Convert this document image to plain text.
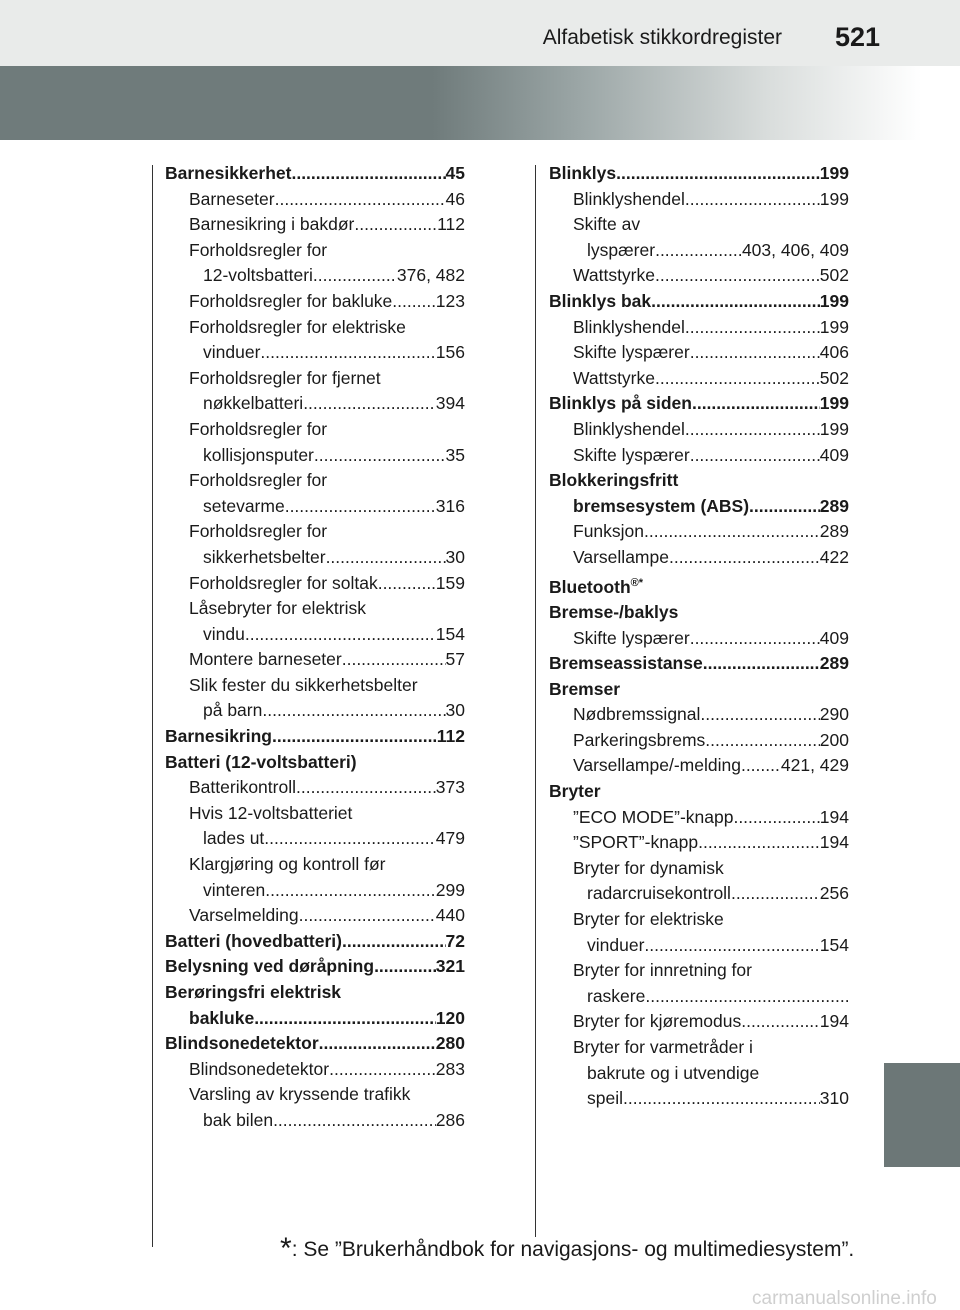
Alfabetisk stikkordregister 521
Barnesikkerhet .....	45
Barneseter .....	46
Barnesikring i bakdør .....	112
Forholdsregler for
12-voltsbatteri .....	376, 482
Forholdsregler for bakluke ..... 123
Forholdsregler for elektriske
vinduer .....	156
Forholdsregler for fjernet
nøkkelbatteri .....	394
Forholdsregler for
kollisjonsputer .....	35
Forholdsregler for
setevarme .....	316
Forholdsregler for
sikkerhetsbelter .....	30
Forholdsregler for soltak .....	159
Låsebryter for elektrisk
vindu .....	154
Montere barneseter .....	57
Slik fester du sikkerhetsbelter
på barn .....	30
Barnesikring .....	112
Batteri (12-voltsbatteri)
Batterikontroll .....	373
Hvis 12-voltsbatteriet
lades ut .....	479
Klargjøring og kontroll før
vinteren .....	299
Varselmelding .....	440
Batteri (hovedbatteri) .....	72
Belysning ved døråpning .....	321
Berøringsfri elektrisk
bakluke .....	120
Blindsonedetektor .....	280
Blindsonedetektor .....	283
Varsling av kryssende trafikk
bak bilen .....	286
Blinklys .....	199
Blinklyshendel .....	199
Skifte av
lyspærer .....	403, 406, 409
Wattstyrke .....	502
Blinklys bak .....	199
Blinklyshendel .....	199
Skifte lyspærer .....	406
Wattstyrke .....	502
Blinklys på siden .....	199
Blinklyshendel .....	199
Skifte lyspærer .....	409
Blokkeringsfritt
bremsesystem (ABS) .....	289
Funksjon .....	289
Varsellampe .....	422
Bluetooth®*
Bremse-/baklys
Skifte lyspærer .....	409
Bremseassistanse .....	289
Bremser
Nødbremssignal .....	290
Parkeringsbrems .....	200
Varsellampe/-melding ..... 421, 429
Bryter
”ECO MODE”-knapp .....	194
”SPORT”-knapp .....	194
Bryter for dynamisk
radarcruisekontroll .....	256
Bryter for elektriske
vinduer .....	154
Bryter for innretning for
raskere
.....
Bryter for kjøremodus .....	194
Bryter for varmetråder i
bakrute og i utvendige
speil .....	310
*: Se ”Brukerhåndbok for navigasjons- og multimediesystem”.
carmanualsonline.info
